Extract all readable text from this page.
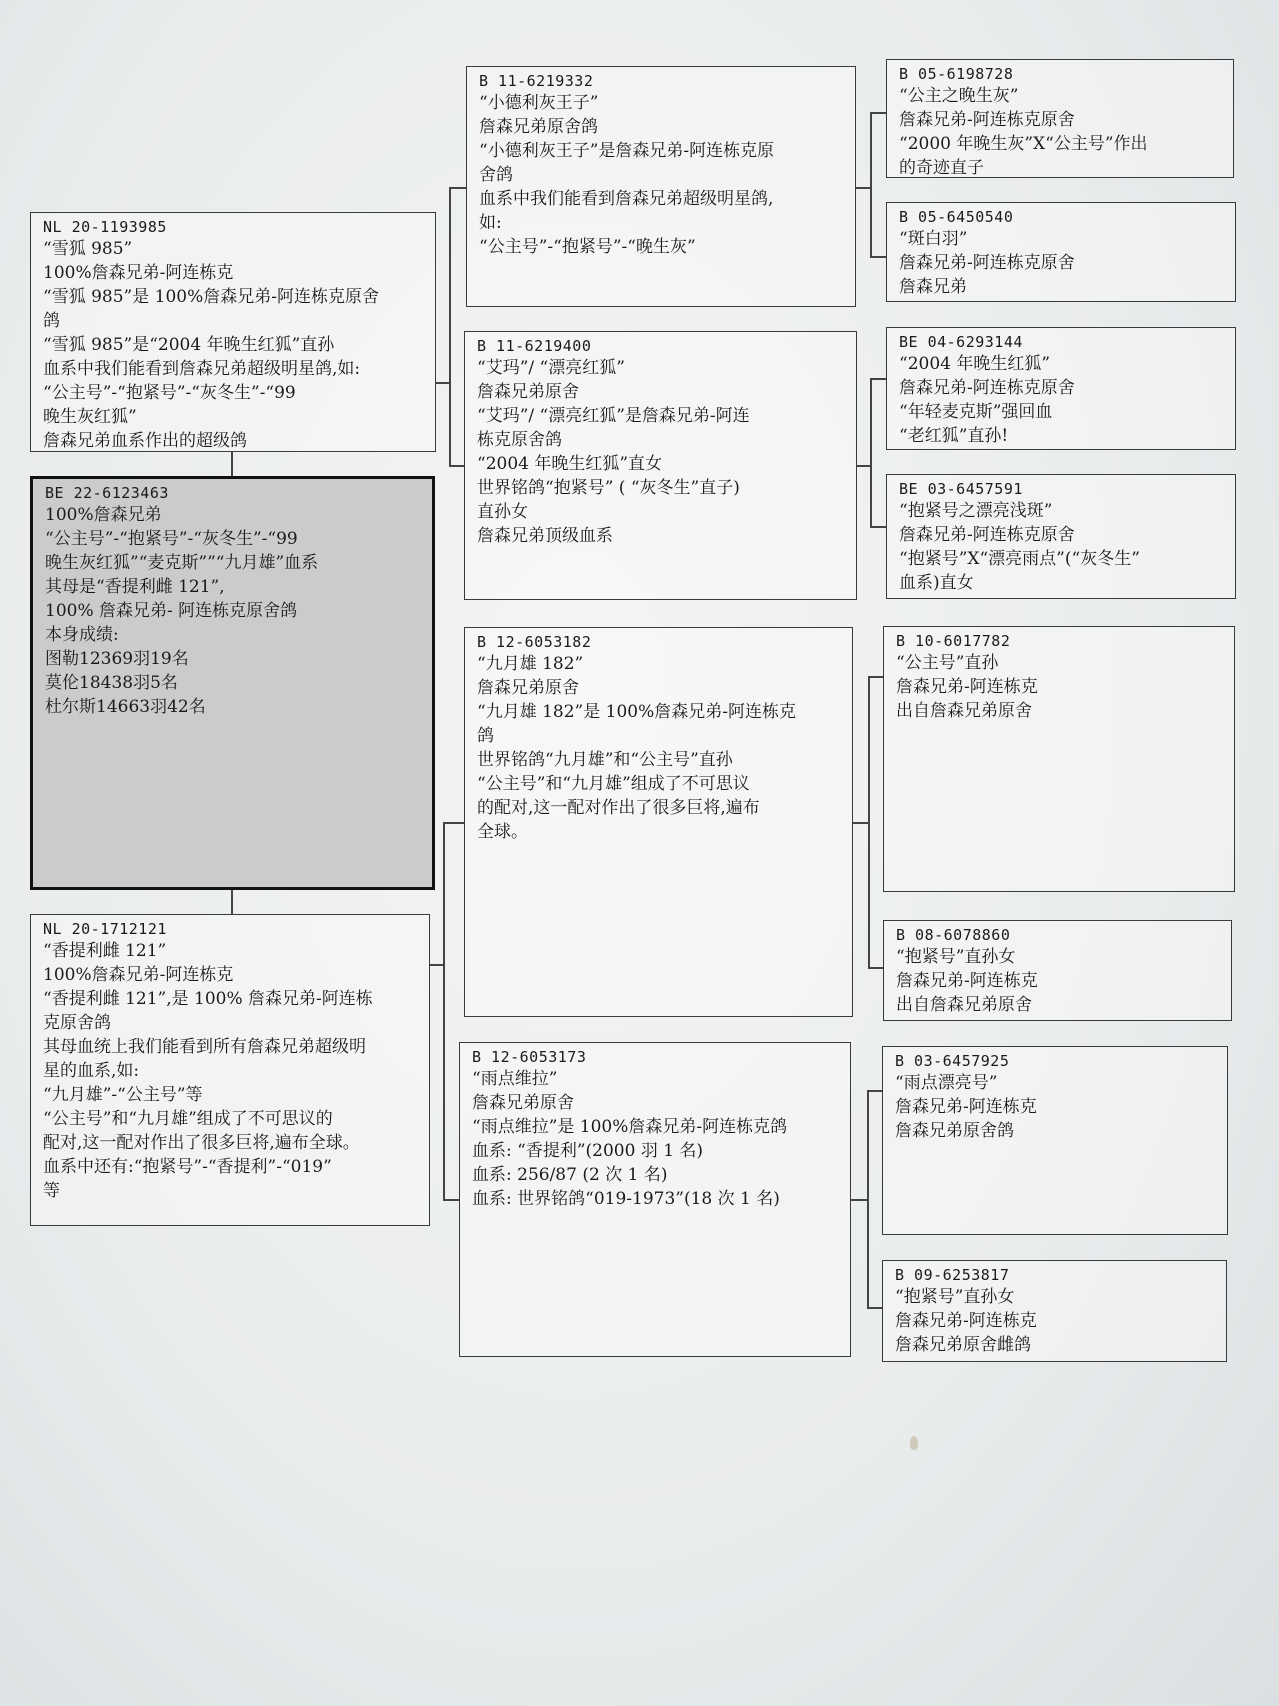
NL 20-1193985
“雪狐 985”
100%詹森兄弟-阿连栋克
“雪狐 985”是 100%詹森兄弟-阿连栋克原舍
鸽
“雪狐 985”是“2004 年晚生红狐”直孙
血系中我们能看到詹森兄弟超级明星鸽,如:
“公主号”-“抱紧号”-“灰冬生”-“99
晚生灰红狐”
詹森兄弟血系作出的超级鸽
BE 22-6123463
100%詹森兄弟
“公主号”-“抱紧号”-“灰冬生”-“99
晚生灰红狐”“麦克斯””“九月雄”血系
其母是“香提利雌 121”,
100% 詹森兄弟- 阿连栋克原舍鸽
本身成绩:
图勒12369羽19名
莫伦18438羽5名
杜尔斯14663羽42名
NL 20-1712121
“香提利雌 121”
100%詹森兄弟-阿连栋克
“香提利雌 121”,是 100% 詹森兄弟-阿连栋
克原舍鸽
其母血统上我们能看到所有詹森兄弟超级明
星的血系,如:
“九月雄”-“公主号”等
“公主号”和“九月雄”组成了不可思议的
配对,这一配对作出了很多巨将,遍布全球。
血系中还有:“抱紧号”-“香提利”-“019”
等
B 11-6219332
“小德利灰王子”
詹森兄弟原舍鸽
“小德利灰王子”是詹森兄弟-阿连栋克原
舍鸽
血系中我们能看到詹森兄弟超级明星鸽,
如:
“公主号”-“抱紧号”-“晚生灰”
B 11-6219400
“艾玛”/ “漂亮红狐”
詹森兄弟原舍
“艾玛”/ “漂亮红狐”是詹森兄弟-阿连
栋克原舍鸽
“2004 年晚生红狐”直女
世界铭鸽“抱紧号” ( “灰冬生”直子)
直孙女
詹森兄弟顶级血系
B 12-6053182
“九月雄 182”
詹森兄弟原舍
“九月雄 182”是 100%詹森兄弟-阿连栋克
鸽
世界铭鸽“九月雄”和“公主号”直孙
“公主号”和“九月雄”组成了不可思议
的配对,这一配对作出了很多巨将,遍布
全球。
B 12-6053173
“雨点维拉”
詹森兄弟原舍
“雨点维拉”是 100%詹森兄弟-阿连栋克鸽
血系: “香提利”(2000 羽 1 名)
血系: 256/87 (2 次 1 名)
血系: 世界铭鸽“019-1973”(18 次 1 名)
B 05-6198728
“公主之晚生灰”
詹森兄弟-阿连栋克原舍
“2000 年晚生灰”X“公主号”作出
的奇迹直子
B 05-6450540
“斑白羽”
詹森兄弟-阿连栋克原舍
詹森兄弟
BE 04-6293144
“2004 年晚生红狐”
詹森兄弟-阿连栋克原舍
“年轻麦克斯”强回血
“老红狐”直孙!
BE 03-6457591
“抱紧号之漂亮浅斑”
詹森兄弟-阿连栋克原舍
“抱紧号”X“漂亮雨点”(“灰冬生”
血系)直女
B 10-6017782
“公主号”直孙
詹森兄弟-阿连栋克
出自詹森兄弟原舍
B 08-6078860
“抱紧号”直孙女
詹森兄弟-阿连栋克
出自詹森兄弟原舍
B 03-6457925
“雨点漂亮号”
詹森兄弟-阿连栋克
詹森兄弟原舍鸽
B 09-6253817
“抱紧号”直孙女
詹森兄弟-阿连栋克
詹森兄弟原舍雌鸽
